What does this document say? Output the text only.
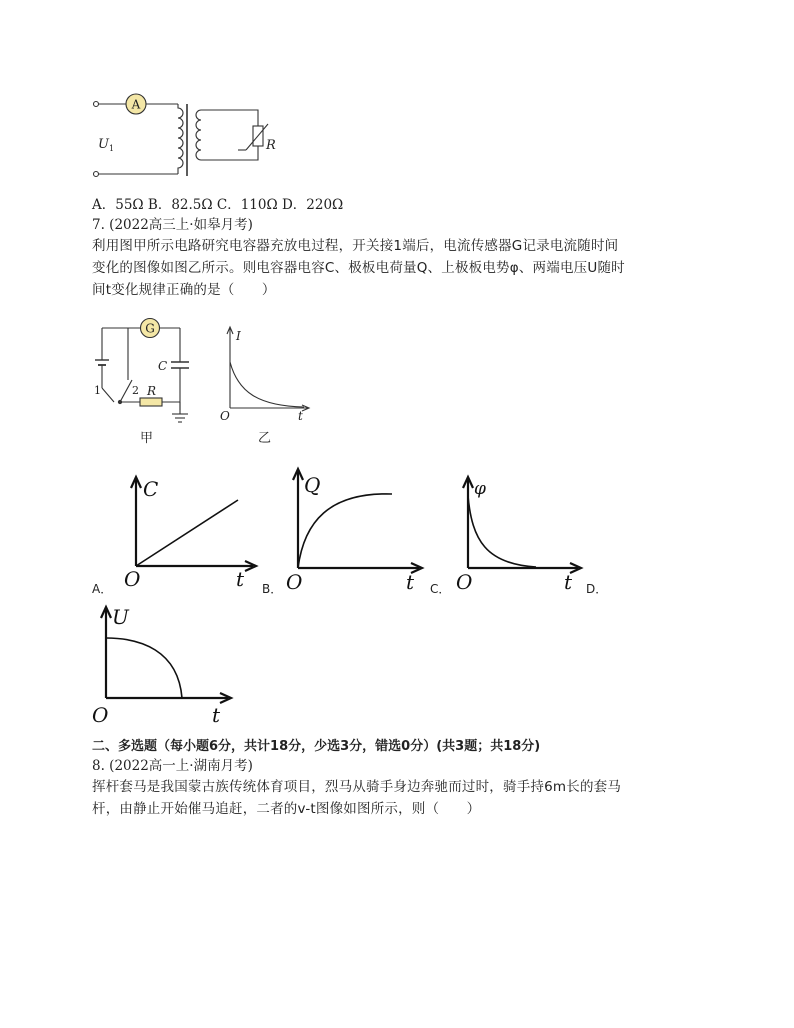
A
U 1	R
A．55Ω B．82.5Ω C．110Ω D．220Ω
7. (2022高三上·如皋月考)
利用图甲所示电路研究电容器充放电过程，开关接1端后，电流传感器G记录电流随时间
变化的图像如图乙所示。则电容器电容C、极板电荷量Q、上极板电势φ、两端电压U随时
间t变化规律正确的是（　　）
G
C
R
1	2
甲
I
O	t
乙
C
O	t
A．
Q
O	t
B．
φ
O	t
C．	D．
U
O	t
二、多选题（每小题6分，共计18分，少选3分，错选0分）(共3题；共18分)
8. (2022高一上·湖南月考)
挥杆套马是我国蒙古族传统体育项目，烈马从骑手身边奔驰而过时，骑手持6m长的套马
杆，由静止开始催马追赶，二者的v-t图像如图所示，则（　　）
